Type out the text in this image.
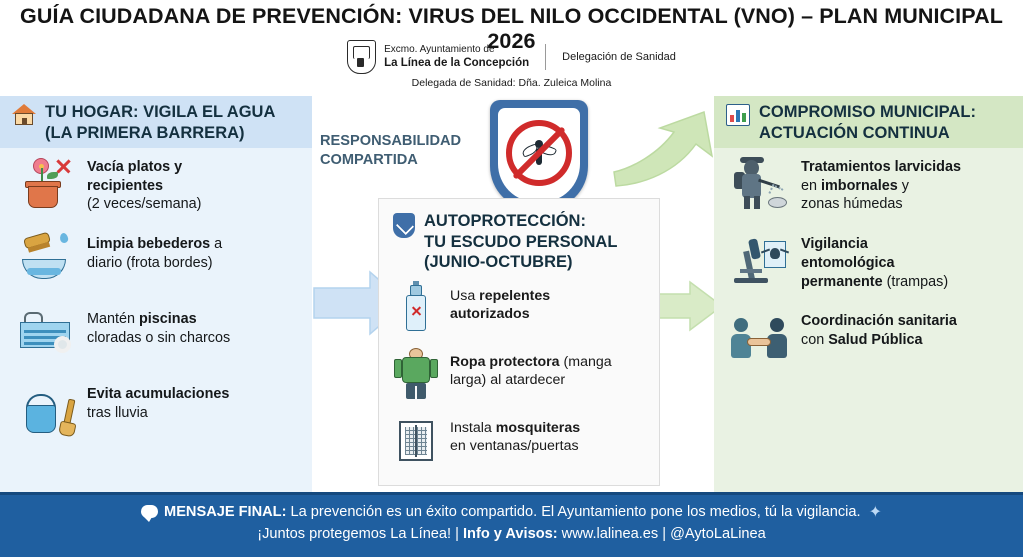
GUÍA CIUDADANA DE PREVENCIÓN: VIRUS DEL NILO OCCIDENTAL (VNO) – PLAN MUNICIPAL 2026
Excmo. Ayuntamiento de
La Línea de la Concepción
Delegación de Sanidad
Delegada de Sanidad: Dña. Zuleica Molina
TU HOGAR: VIGILA EL AGUA
(LA PRIMERA BARRERA)
Vacía platos y
recipientes
(2 veces/semana)
Limpia bebederos a
diario (frota bordes)
Mantén piscinas
cloradas o sin charcos
Evita acumulaciones
tras lluvia
RESPONSABILIDAD
COMPARTIDA
AUTOPROTECCIÓN:
TU ESCUDO PERSONAL
(JUNIO-OCTUBRE)
Usa repelentes
autorizados
Ropa protectora (manga
larga) al atardecer
Instala mosquiteras
en ventanas/puertas
COMPROMISO MUNICIPAL:
ACTUACIÓN CONTINUA
Tratamientos larvicidas
en imbornales y
zonas húmedas
Vigilancia
entomológica
permanente (trampas)
Coordinación sanitaria
con Salud Pública
MENSAJE FINAL: La prevención es un éxito compartido. El Ayuntamiento pone los medios, tú la vigilancia. ✦
¡Juntos protegemos La Línea! | Info y Avisos: www.lalinea.es | @AytoLaLinea
